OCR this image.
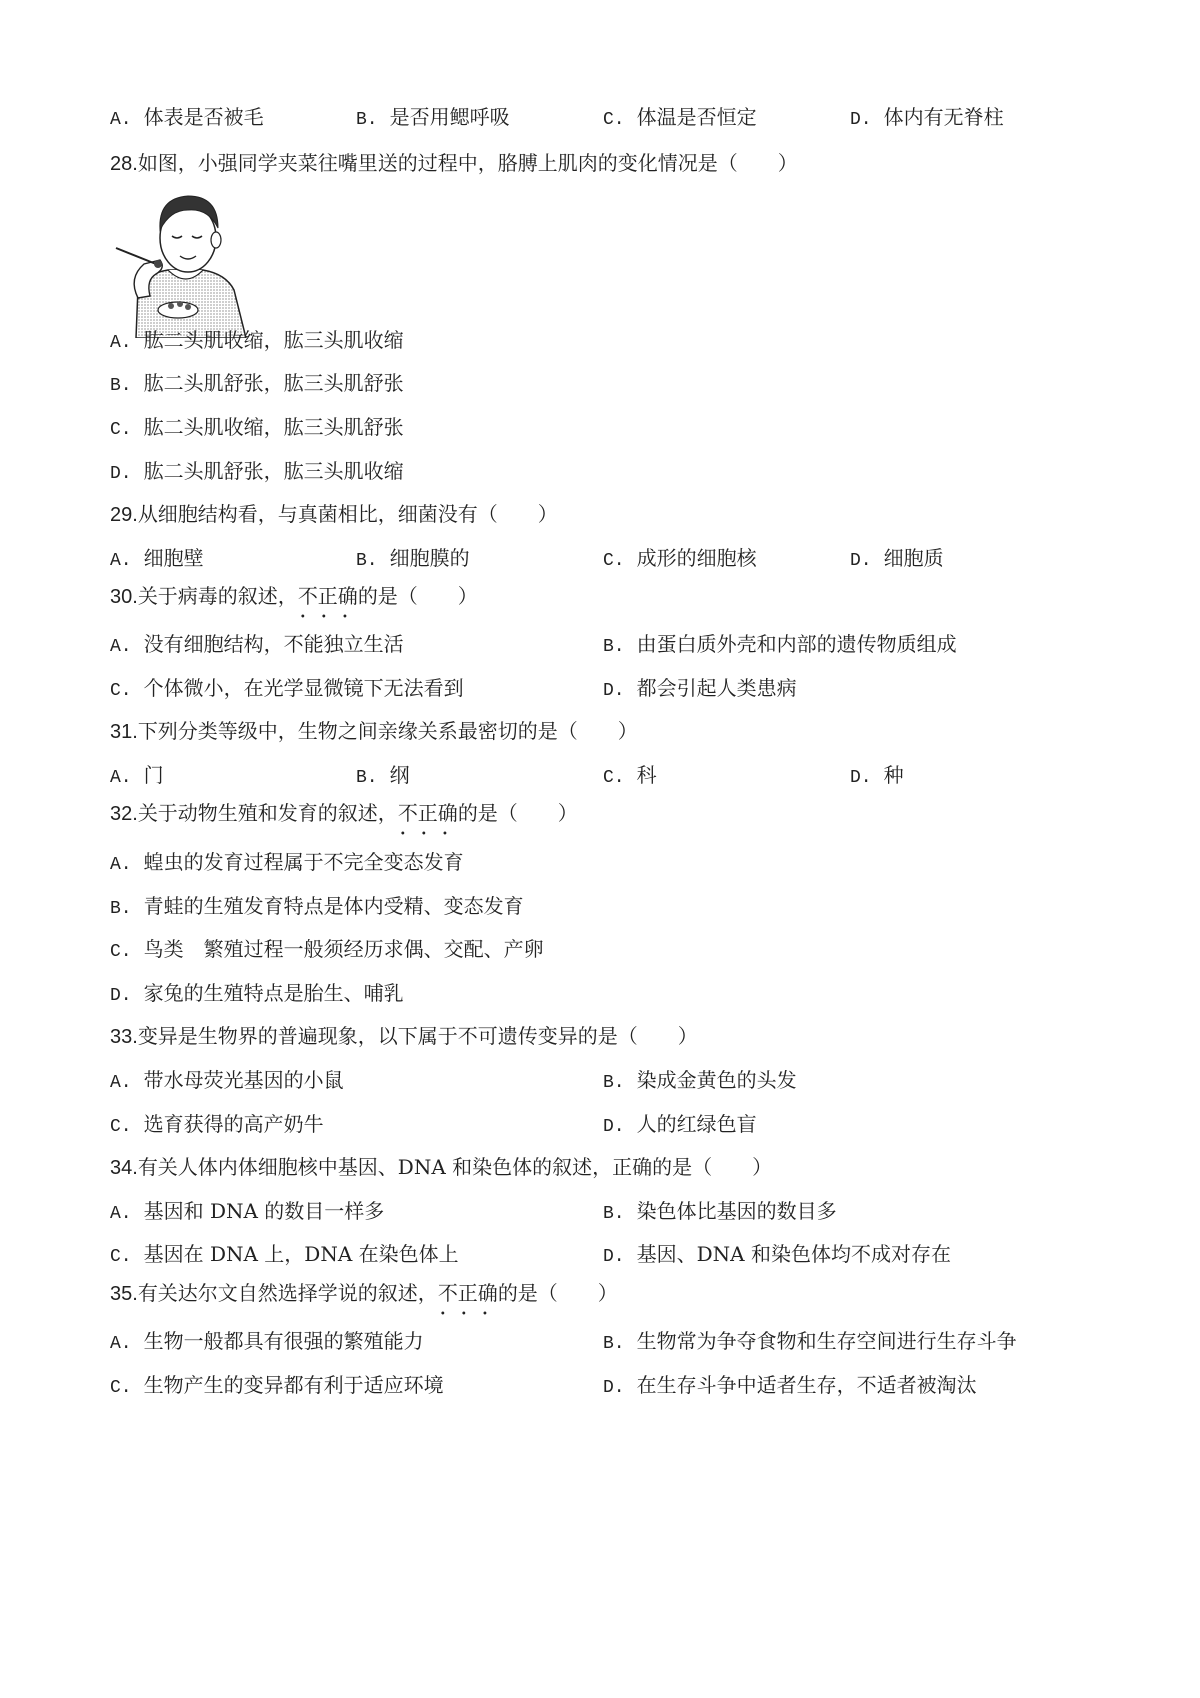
A. 体表是否被毛	B. 是否用鳃呼吸	C. 体温是否恒定	D. 体内有无脊柱
28.如图，小强同学夹菜往嘴里送的过程中，胳膊上肌肉的变化情况是（　　）
A. 肱二头肌收缩，肱三头肌收缩
B. 肱二头肌舒张，肱三头肌舒张
C. 肱二头肌收缩，肱三头肌舒张
D. 肱二头肌舒张，肱三头肌收缩
29.从细胞结构看，与真菌相比，细菌没有（　　）
A. 细胞壁	B. 细胞膜的	C. 成形的细胞核	D. 细胞质
30.关于病毒的叙述，不正确 • • •的是（　　）
A. 没有细胞结构，不能独立生活	B. 由蛋白质外壳和内部的遗传物质组成
C. 个体微小，在光学显微镜下无法看到	D. 都会引起人类患病
31.下列分类等级中，生物之间亲缘关系最密切的是（　　）
A. 门	B. 纲	C. 科	D. 种
32.关于动物生殖和发育的叙述，不正确 • • •的是（　　）
A. 蝗虫的发育过程属于不完全变态发育
B. 青蛙的生殖发育特点是体内受精、变态发育
C. 鸟类　繁殖过程一般须经历求偶、交配、产卵
D. 家兔的生殖特点是胎生、哺乳
33.变异是生物界的普遍现象，以下属于不可遗传变异的是（　　）
A. 带水母荧光基因的小鼠	B. 染成金黄色的头发
C. 选育获得的高产奶牛	D. 人的红绿色盲
34.有关人体内体细胞核中基因、DNA 和染色体的叙述，正确的是（　　）
A. 基因和 DNA 的数目一样多	B. 染色体比基因的数目多
C. 基因在 DNA 上，DNA 在染色体上	D. 基因、DNA 和染色体均不成对存在
35.有关达尔文自然选择学说的叙述，不正确 • • •的是（　　）
A. 生物一般都具有很强的繁殖能力	B. 生物常为争夺食物和生存空间进行生存斗争
C. 生物产生的变异都有利于适应环境	D. 在生存斗争中适者生存，不适者被淘汰
